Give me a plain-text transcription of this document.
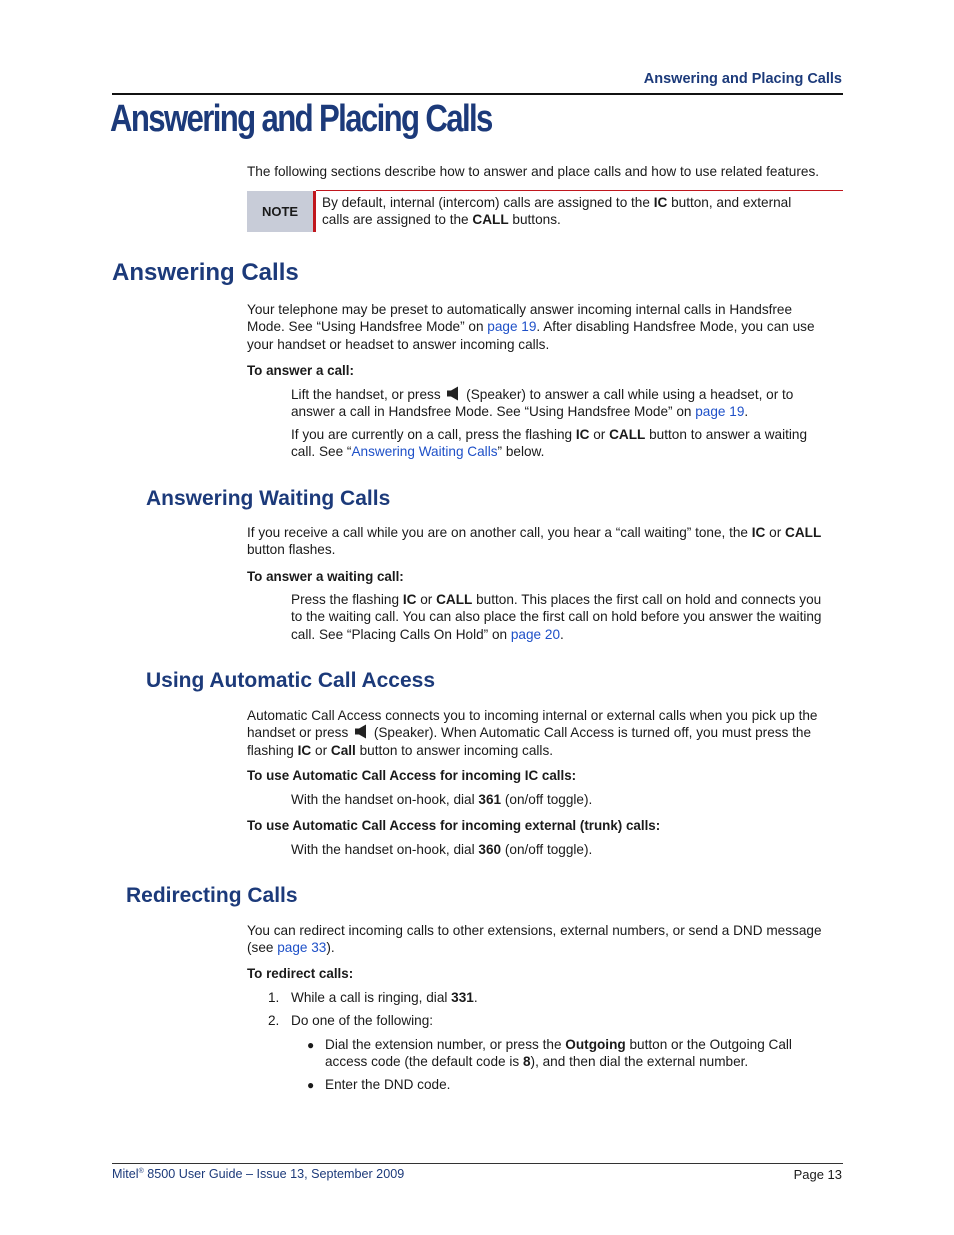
Answering and Placing Calls
Answering and Placing Calls

The following sections describe how to answer and place calls and how to use related features.

NOTE
By default, internal (intercom) calls are assigned to the IC button, and external
calls are assigned to the CALL buttons.
Answering Calls
Your telephone may be preset to automatically answer incoming internal calls in Handsfree
Mode. See “Using Handsfree Mode” on page 19. After disabling Handsfree Mode, you can use
your handset or headset to answer incoming calls.
To answer a call:
Lift the handset, or press  (Speaker) to answer a call while using a headset, or to
answer a call in Handsfree Mode. See “Using Handsfree Mode” on page 19.
If you are currently on a call, press the flashing IC or CALL button to answer a waiting
call. See “Answering Waiting Calls” below.
Answering Waiting Calls
If you receive a call while you are on another call, you hear a “call waiting” tone, the IC or CALL
button flashes.
To answer a waiting call:
Press the flashing IC or CALL button. This places the first call on hold and connects you
to the waiting call. You can also place the first call on hold before you answer the waiting
call. See “Placing Calls On Hold” on page 20.
Using Automatic Call Access
Automatic Call Access connects you to incoming internal or external calls when you pick up the
handset or press  (Speaker). When Automatic Call Access is turned off, you must press the
flashing IC or Call button to answer incoming calls.
To use Automatic Call Access for incoming IC calls:
With the handset on-hook, dial 361 (on/off toggle).
To use Automatic Call Access for incoming external (trunk) calls:
With the handset on-hook, dial 360 (on/off toggle).
Redirecting Calls
You can redirect incoming calls to other extensions, external numbers, or send a DND message
(see page 33).
To redirect calls:
1. While a call is ringing, dial 331.
2. Do one of the following:
● Dial the extension number, or press the Outgoing button or the Outgoing Call
access code (the default code is 8), and then dial the external number.
● Enter the DND code.
Mitel® 8500 User Guide – Issue 13, September 2009	Page 13
